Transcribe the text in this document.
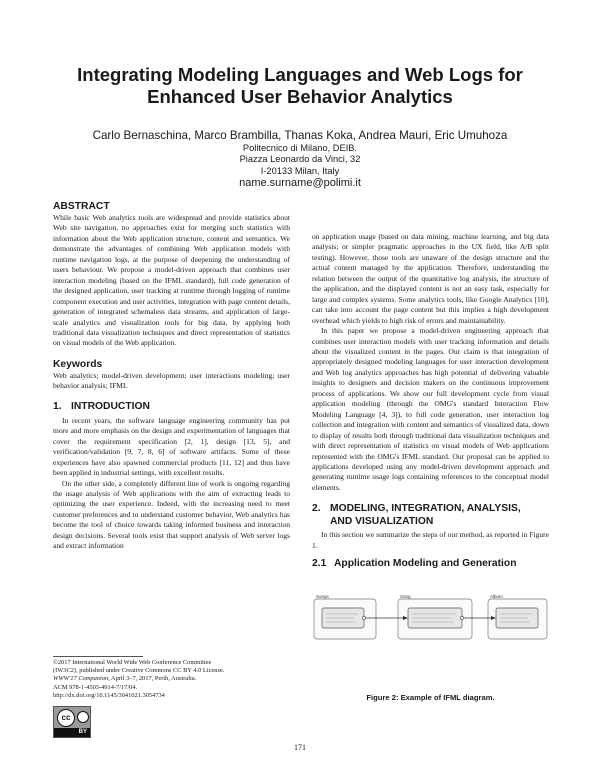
Integrating Modeling Languages and Web Logs for
Enhanced User Behavior Analytics
Carlo Bernaschina, Marco Brambilla, Thanas Koka, Andrea Mauri, Eric Umuhoza
Politecnico di Milano, DEIB.
Piazza Leonardo da Vinci, 32
I-20133 Milan, Italy
name.surname@polimi.it
ABSTRACT

While basic Web analytics tools are widespread and provide statistics about Web site navigation, no approaches exist for merging such statistics with information about the Web application structure, content and semantics. We demonstrate the advantages of combining Web application models with runtime navigation logs, at the purpose of deepening the understanding of users behaviour. We propose a model-driven approach that combines user interaction modeling (based on the IFML standard), full code generation of the designed application, user tracking at runtime through logging of runtime component execution and user activities, integration with page content details, generation of integrated schemaless data streams, and application of large-scale analytics and visualization tools for big data, by applying both traditional data visualization techniques and direct representation of statistics on visual models of the Web application.

Keywords

Web analytics; model-driven development; user interactions modeling; user behavior analysis; IFML

1. INTRODUCTION

In recent years, the software language engineering community has put more and more emphasis on the design and experimentation of languages that cover the requirement specification [2, 1], design [13, 5], and verification/validation [9, 7, 8, 6] of software artifacts. Some of these experiences have also spawned commercial products [11, 12] and thus have been applied in industrial settings, with excellent results.

On the other side, a completely different line of work is ongoing regarding the usage analysis of Web applications with the aim of extracting leads to optimizing the user experience. Indeed, with the increasing need to meet customer preferences and to understand customer behavior, Web analytics has become the tool of choice towards taking informed business and interaction design decisions. Several tools exist that support analysis of Web server logs and extract information

on application usage (based on data mining, machine learning, and big data analysis; or simpler pragmatic approaches in the UX field, like A/B split testing). However, those tools are unaware of the design structure and the actual content managed by the application. Therefore, understanding the relation between the output of the quantitative log analysis, the structure of the application, and the displayed content is not an easy task, especially for large and complex systems. Some analytics tools, like Google Analytics [10], can take into account the page content but this implies a high development overhead which yields to high risk of errors and maintainability.

In this paper we propose a model-driven engineering approach that combines user interaction models with user tracking information and details about the visualized content in the pages. Our claim is that integration of appropriately designed modeling languages for user interaction development and Web log analytics approaches has high potential of delivering valuable insights to designers and decision makers on the continuous improvement process of applications. We show our full development cycle from visual application modeling (through the OMG's standard Interaction Flow Modeling Language [4, 3]), to full code generation, user interaction log collection and integration with content and semantics of visualized data, down to display of results both through traditional data visualization techniques and with direct representation of statistics on visual models of Web applications represented with the OMG's IFML standard. Our proposal can be applied to applications developed using any model-driven development approach and generating runtime usage logs containing references to the conceptual model elements.

2. MODELING, INTEGRATION, ANALYSIS,
AND VISUALIZATION

In this section we summarize the steps of our method, as reported in Figure 1.

2.1 Application Modeling and Generation
Songs	Song	Album
Figure 2: Example of IFML diagram.
©2017 International World Wide Web Conference Committee
(IW3C2), published under Creative Commons CC BY 4.0 License.
WWW'17 Companion, April 3–7, 2017, Perth, Australia.
ACM 978-1-4503-4914-7/17/04.
http://dx.doi.org/10.1145/3041021.3054734
cc
BY
171
